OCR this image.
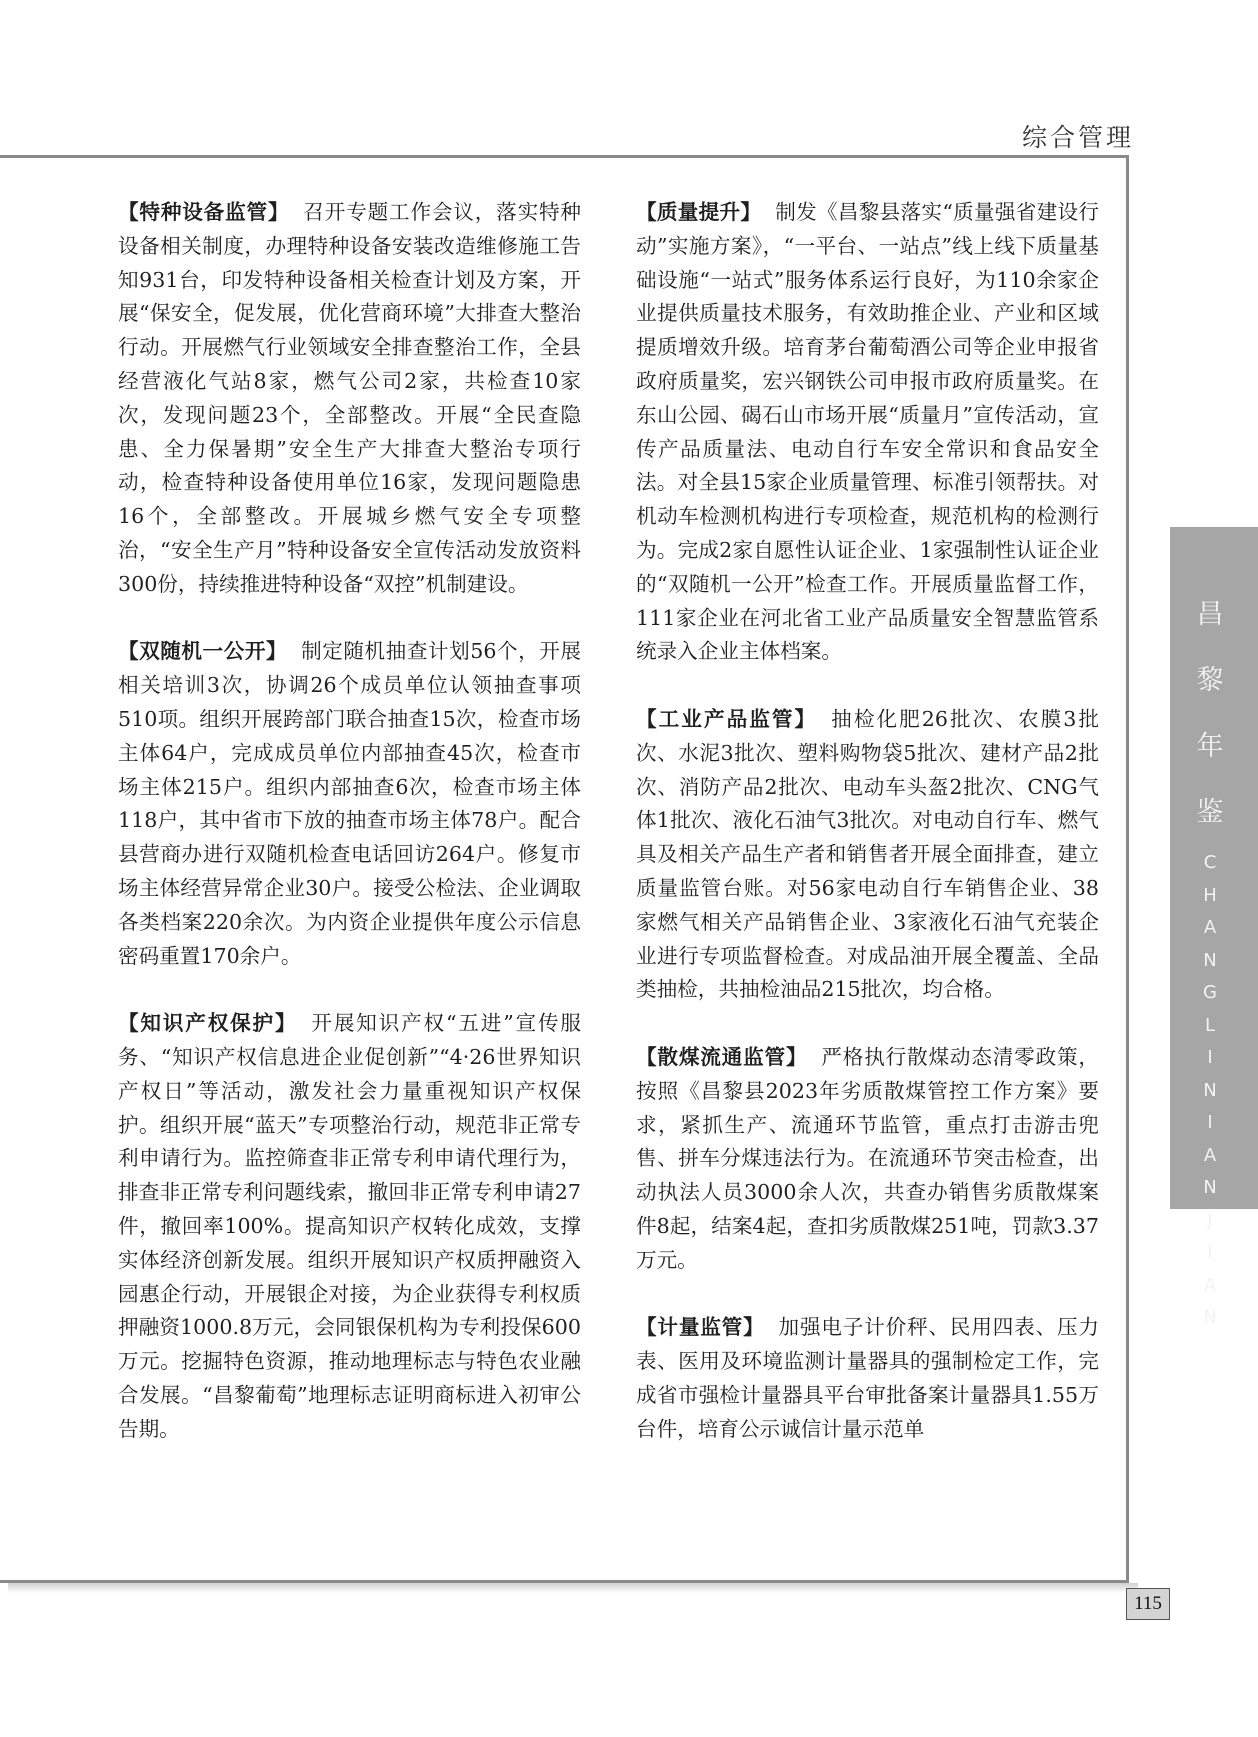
综合管理
115
昌
黎
年
鉴
C
H
A
N
G
L
I
N
I
A
N
J
I
A
N

【特种设备监管】 召开专题工作会议，落实特种设备相关制度，办理特种设备安装改造维修施工告知931台，印发特种设备相关检查计划及方案，开展“保安全，促发展，优化营商环境”大排查大整治行动。开展燃气行业领域安全排查整治工作，全县经营液化气站8家，燃气公司2家，共检查10家次，发现问题23个，全部整改。开展“全民查隐患、全力保暑期”安全生产大排查大整治专项行动，检查特种设备使用单位16家，发现问题隐患16个，全部整改。开展城乡燃气安全专项整治，“安全生产月”特种设备安全宣传活动发放资料300份，持续推进特种设备“双控”机制建设。

【双随机一公开】 制定随机抽查计划56个，开展相关培训3次，协调26个成员单位认领抽查事项510项。组织开展跨部门联合抽查15次，检查市场主体64户，完成成员单位内部抽查45次，检查市场主体215户。组织内部抽查6次，检查市场主体118户，其中省市下放的抽查市场主体78户。配合县营商办进行双随机检查电话回访264户。修复市场主体经营异常企业30户。接受公检法、企业调取各类档案220余次。为内资企业提供年度公示信息密码重置170余户。

【知识产权保护】 开展知识产权“五进”宣传服务、“知识产权信息进企业促创新”“4·26世界知识产权日”等活动，激发社会力量重视知识产权保护。组织开展“蓝天”专项整治行动，规范非正常专利申请行为。监控筛查非正常专利申请代理行为，排查非正常专利问题线索，撤回非正常专利申请27件，撤回率100%。提高知识产权转化成效，支撑实体经济创新发展。组织开展知识产权质押融资入园惠企行动，开展银企对接，为企业获得专利权质押融资1000.8万元，会同银保机构为专利投保600万元。挖掘特色资源，推动地理标志与特色农业融合发展。“昌黎葡萄”地理标志证明商标进入初审公告期。

【质量提升】 制发《昌黎县落实“质量强省建设行动”实施方案》，“一平台、一站点”线上线下质量基础设施“一站式”服务体系运行良好，为110余家企业提供质量技术服务，有效助推企业、产业和区域提质增效升级。培育茅台葡萄酒公司等企业申报省政府质量奖，宏兴钢铁公司申报市政府质量奖。在东山公园、碣石山市场开展“质量月”宣传活动，宣传产品质量法、电动自行车安全常识和食品安全法。对全县15家企业质量管理、标准引领帮扶。对机动车检测机构进行专项检查，规范机构的检测行为。完成2家自愿性认证企业、1家强制性认证企业的“双随机一公开”检查工作。开展质量监督工作，111家企业在河北省工业产品质量安全智慧监管系统录入企业主体档案。

【工业产品监管】 抽检化肥26批次、农膜3批次、水泥3批次、塑料购物袋5批次、建材产品2批次、消防产品2批次、电动车头盔2批次、CNG气体1批次、液化石油气3批次。对电动自行车、燃气具及相关产品生产者和销售者开展全面排查，建立质量监管台账。对56家电动自行车销售企业、38家燃气相关产品销售企业、3家液化石油气充装企业进行专项监督检查。对成品油开展全覆盖、全品类抽检，共抽检油品215批次，均合格。

【散煤流通监管】 严格执行散煤动态清零政策，按照《昌黎县2023年劣质散煤管控工作方案》要求，紧抓生产、流通环节监管，重点打击游击兜售、拼车分煤违法行为。在流通环节突击检查，出动执法人员3000余人次，共查办销售劣质散煤案件8起，结案4起，查扣劣质散煤251吨，罚款3.37万元。

【计量监管】 加强电子计价秤、民用四表、压力表、医用及环境监测计量器具的强制检定工作，完成省市强检计量器具平台审批备案计量器具1.55万台件，培育公示诚信计量示范单
